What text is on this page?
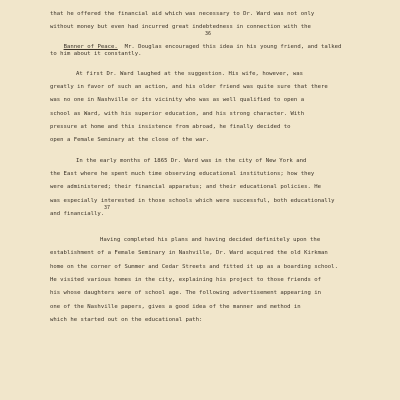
that he offered the financial aid which was necessary to Dr. Ward was not only
without money but even had incurred great indebtedness in connection with the

Banner of Peace. Mr. Douglas encouraged this idea in his young friend, and talked

36
to him about it constantly.
At first Dr. Ward laughed at the suggestion. His wife, however, was
greatly in favor of such an action, and his older friend was quite sure that there
was no one in Nashville or its vicinity who was as well qualified to open a
school as Ward, with his superior education, and his strong character. With
pressure at home and this insistence from abroad, he finally decided to
open a Female Seminary at the close of the war.
In the early months of 1865 Dr. Ward was in the city of New York and
the East where he spent much time observing educational institutions; how they
were administered; their financial apparatus; and their educational policies. He
was especially interested in those schools which were successful, both educationally
37
and financially.
Having completed his plans and having decided definitely upon the
establishment of a Female Seminary in Nashville, Dr. Ward acquired the old Kirkman
home on the corner of Summer and Cedar Streets and fitted it up as a boarding school.
He visited various homes in the city, explaining his project to those friends of
his whose daughters were of school age. The following advertisement appearing in
one of the Nashville papers, gives a good idea of the manner and method in
which he started out on the educational path:
